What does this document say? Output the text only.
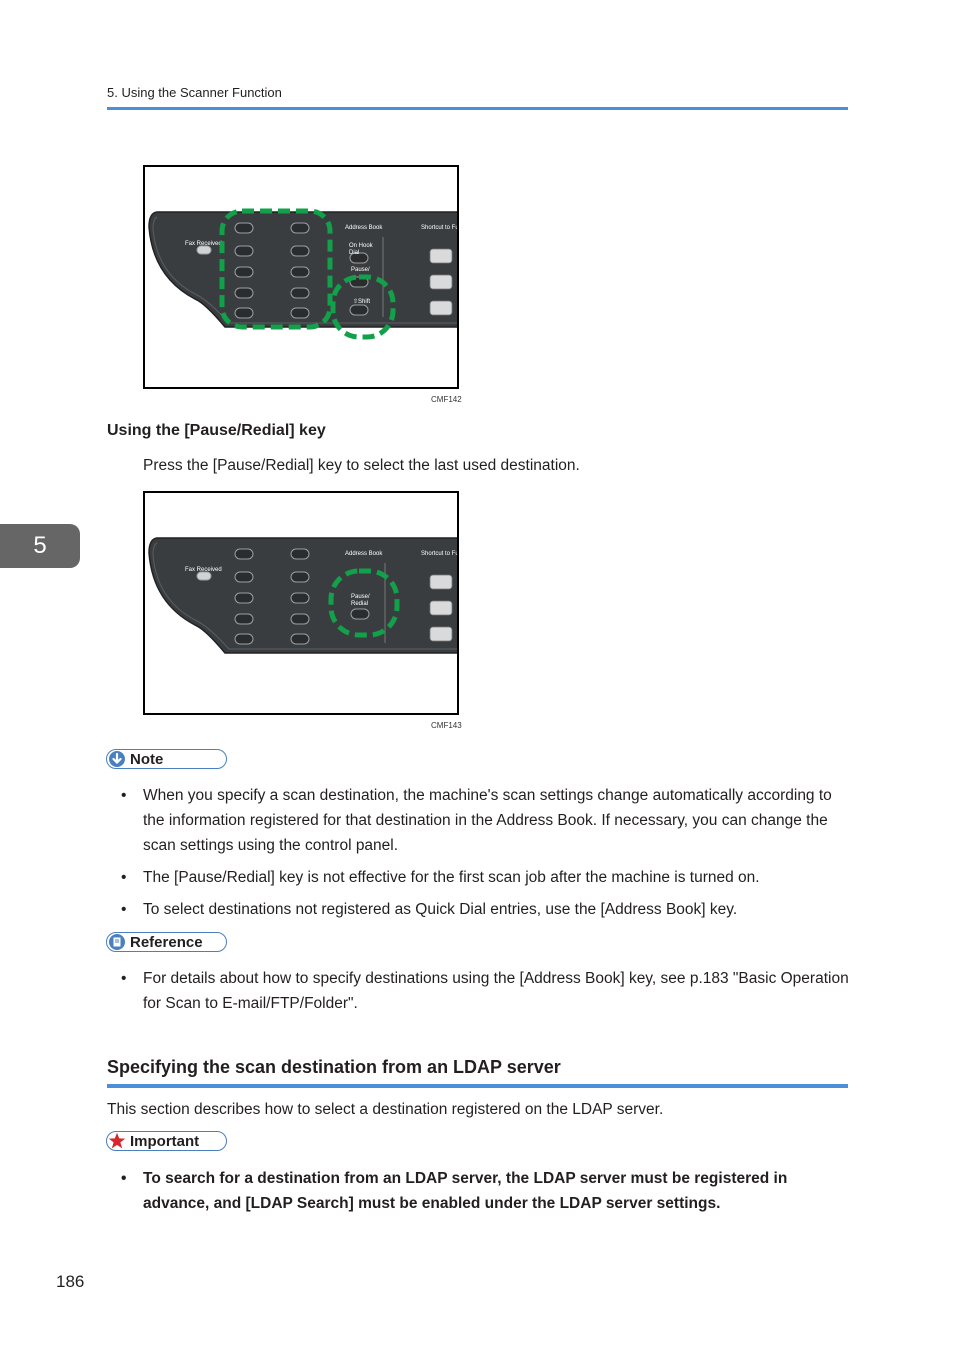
5. Using the Scanner Function
5
Fax Received
Address Book	Shortcut to Fur
On Hook
Dial
Pause/
⇧Shift
CMF142
Using the [Pause/Redial] key
Press the [Pause/Redial] key to select the last used destination.
Fax Received
Address Book	Shortcut to Fur
Pause/
Redial
CMF143
Note
• When you specify a scan destination, the machine's scan settings change automatically according to the information registered for that destination in the Address Book. If necessary, you can change the scan settings using the control panel.
• The [Pause/Redial] key is not effective for the first scan job after the machine is turned on.
• To select destinations not registered as Quick Dial entries, use the [Address Book] key.
Reference
• For details about how to specify destinations using the [Address Book] key, see p.183 "Basic Operation for Scan to E-mail/FTP/Folder".
Specifying the scan destination from an LDAP server
This section describes how to select a destination registered on the LDAP server.
Important
• To search for a destination from an LDAP server, the LDAP server must be registered in advance, and [LDAP Search] must be enabled under the LDAP server settings.
186
